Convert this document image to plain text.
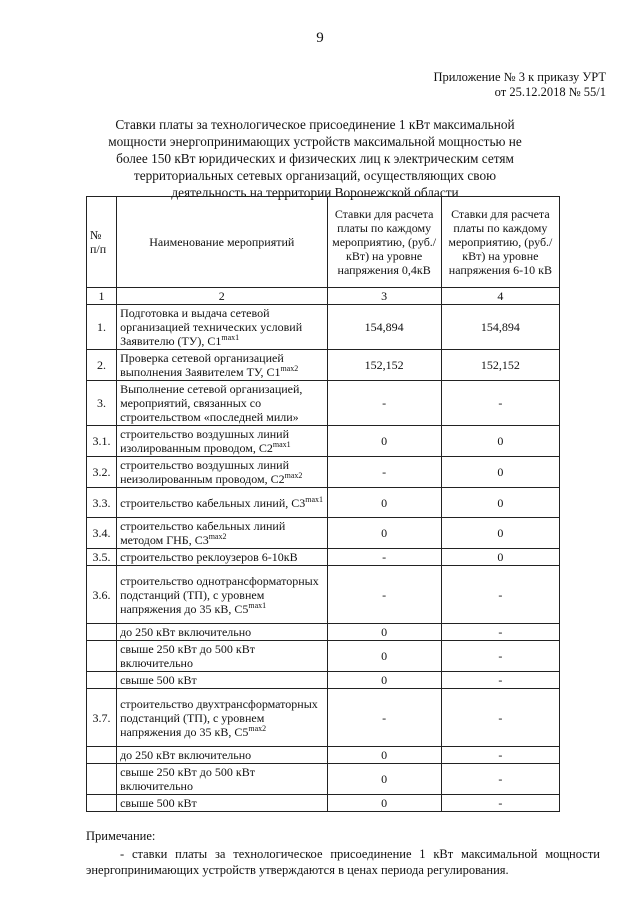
9
Приложение № 3 к приказу УРТ
от 25.12.2018 № 55/1
Ставки платы за технологическое присоединение 1 кВт максимальной мощности энергопринимающих устройств максимальной мощностью не более 150 кВт юридических и физических лиц к электрическим сетям территориальных сетевых организаций, осуществляющих свою деятельность на территории Воронежской области
№ п/п	Наименование мероприятий	Ставки для расчета платы по каждому мероприятию, (руб./кВт) на уровне напряжения 0,4кВ	Ставки для расчета платы по каждому мероприятию, (руб./кВт) на уровне напряжения 6-10 кВ
1	2	3	4
1.	Подготовка и выдача сетевой организацией технических условий Заявителю (ТУ), $С1^{max1}$	154,894	154,894
2.	Проверка сетевой организацией выполнения Заявителем ТУ, $С1^{max2}$	152,152	152,152
3.	Выполнение сетевой организацией, мероприятий, связанных со строительством «последней мили»	-	-
3.1.	строительство воздушных линий изолированным проводом, $С2^{max1}$	0	0
3.2.	строительство воздушных линий неизолированным проводом, $С2^{max2}$	-	0
3.3.	строительство кабельных линий, $С3^{max1}$	0	0
3.4.	строительство кабельных линий методом ГНБ, $С3^{max2}$	0	0
3.5.	строительство реклоузеров 6-10кВ	-	0
3.6.	строительство однотрансформаторных подстанций (ТП), с уровнем напряжения до 35 кВ, $С5^{max1}$	-	-
	до 250 кВт включительно	0	-
	свыше 250 кВт до 500 кВт включительно	0	-
	свыше 500 кВт	0	-
3.7.	строительство двухтрансформаторных подстанций (ТП), с уровнем напряжения до 35 кВ, $С5^{max2}$	-	-
	до 250 кВт включительно	0	-
	свыше 250 кВт до 500 кВт включительно	0	-
	свыше 500 кВт	0	-
Примечание:
- ставки платы за технологическое присоединение 1 кВт максимальной мощности энергопринимающих устройств утверждаются в ценах периода регулирования.
